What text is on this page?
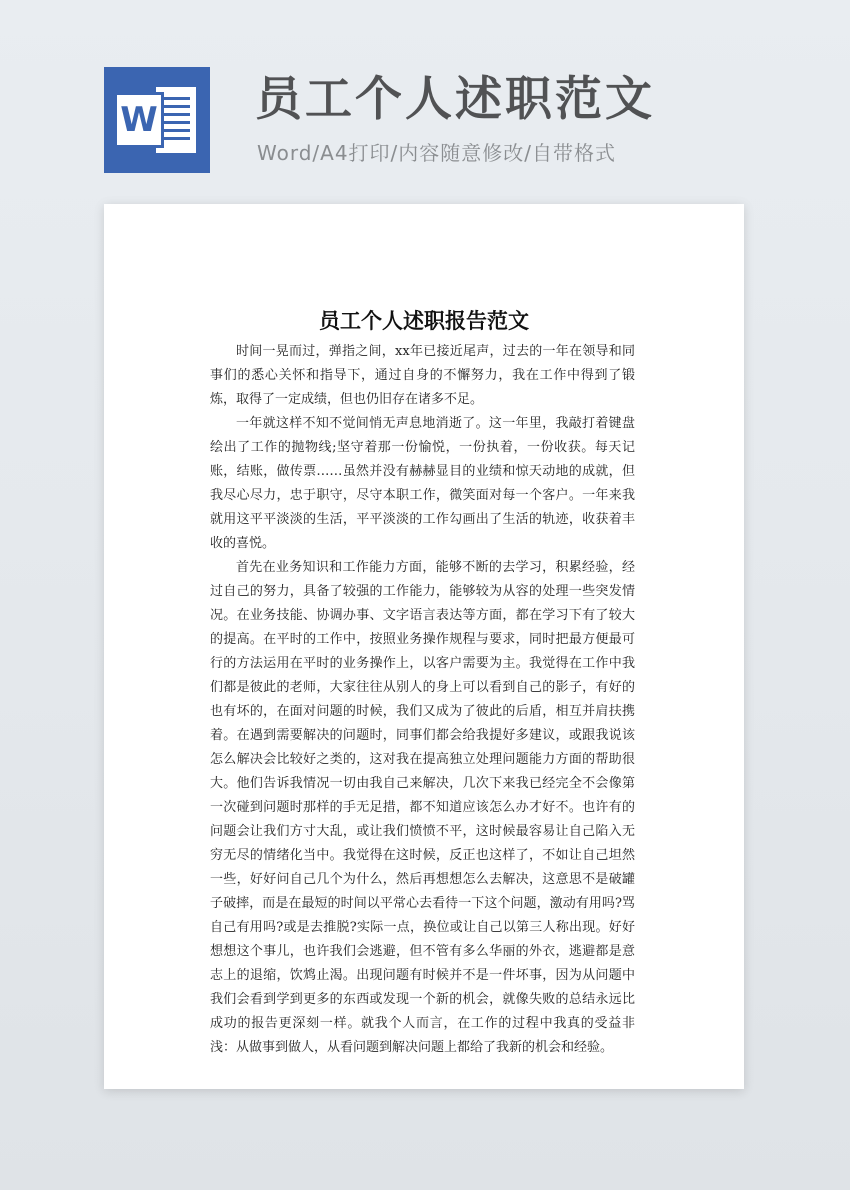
W 员工个人述职范文
Word/A4打印/内容随意修改/自带格式
员工个人述职报告范文

时间一晃而过，弹指之间，xx年已接近尾声，过去的一年在领导和同事们的悉心关怀和指导下，通过自身的不懈努力，我在工作中得到了锻炼，取得了一定成绩，但也仍旧存在诸多不足。

一年就这样不知不觉间悄无声息地消逝了。这一年里，我敲打着键盘绘出了工作的抛物线;坚守着那一份愉悦，一份执着，一份收获。每天记账，结账，做传票……虽然并没有赫赫显目的业绩和惊天动地的成就，但我尽心尽力，忠于职守，尽守本职工作，微笑面对每一个客户。一年来我就用这平平淡淡的生活，平平淡淡的工作勾画出了生活的轨迹，收获着丰收的喜悦。

首先在业务知识和工作能力方面，能够不断的去学习，积累经验，经过自己的努力，具备了较强的工作能力，能够较为从容的处理一些突发情况。在业务技能、协调办事、文字语言表达等方面，都在学习下有了较大的提高。在平时的工作中，按照业务操作规程与要求，同时把最方便最可行的方法运用在平时的业务操作上，以客户需要为主。我觉得在工作中我们都是彼此的老师，大家往往从别人的身上可以看到自己的影子，有好的也有坏的，在面对问题的时候，我们又成为了彼此的后盾，相互并肩扶携着。在遇到需要解决的问题时，同事们都会给我提好多建议，或跟我说该怎么解决会比较好之类的，这对我在提高独立处理问题能力方面的帮助很大。他们告诉我情况一切由我自己来解决，几次下来我已经完全不会像第一次碰到问题时那样的手无足措，都不知道应该怎么办才好不。也许有的问题会让我们方寸大乱，或让我们愤愤不平，这时候最容易让自己陷入无穷无尽的情绪化当中。我觉得在这时候，反正也这样了，不如让自己坦然一些，好好问自己几个为什么，然后再想想怎么去解决，这意思不是破罐子破摔，而是在最短的时间以平常心去看待一下这个问题，激动有用吗?骂自己有用吗?或是去推脱?实际一点，换位或让自己以第三人称出现。好好想想这个事儿，也许我们会逃避，但不管有多么华丽的外衣，逃避都是意志上的退缩，饮鸩止渴。出现问题有时候并不是一件坏事，因为从问题中我们会看到学到更多的东西或发现一个新的机会，就像失败的总结永远比成功的报告更深刻一样。就我个人而言，在工作的过程中我真的受益非浅：从做事到做人，从看问题到解决问题上都给了我新的机会和经验。
